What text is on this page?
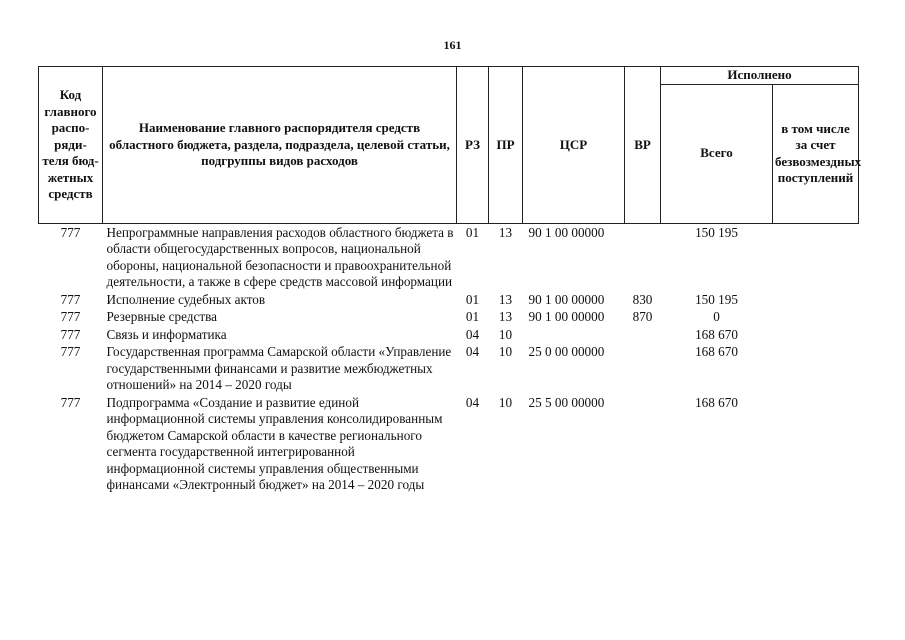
161
Код главного распо-ряди-теля бюд-жетных средств	Наименование главного распорядителя средств областного бюджета, раздела, подраздела, целевой статьи, подгруппы видов расходов	РЗ	ПР	ЦСР	ВР	Исполнено	
						Всего	в том числе за счет безвозмездных поступлений
777	Непрограммные направления расходов областного бюджета в области общегосударственных вопросов, национальной обороны, национальной безопасности и правоохранительной деятельности, а также в сфере средств массовой информации	01	13	90 1 00 00000		150 195	
777	Исполнение судебных актов	01	13	90 1 00 00000	830	150 195	
777	Резервные средства	01	13	90 1 00 00000	870	0	
777	Связь и информатика	04	10			168 670	
777	Государственная программа Самарской области «Управление государственными финансами и развитие межбюджетных отношений» на 2014 – 2020 годы	04	10	25 0 00 00000		168 670	
777	Подпрограмма «Создание и развитие единой информационной системы управления консолидированным бюджетом Самарской области в качестве регионального сегмента государственной интегрированной информационной системы управления общественными финансами «Электронный бюджет» на 2014 – 2020 годы	04	10	25 5 00 00000		168 670	
